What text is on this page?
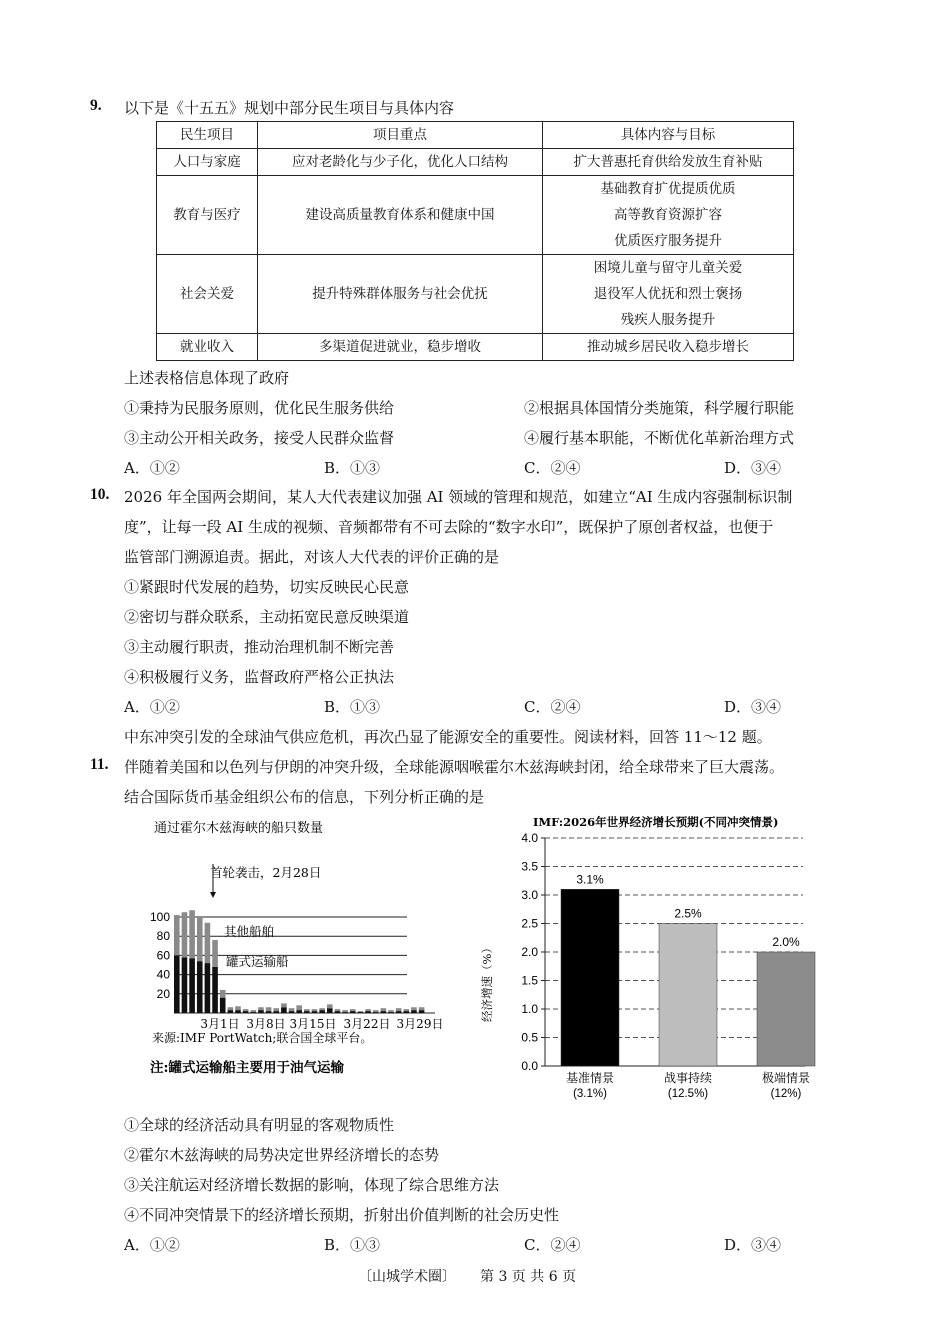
9. 以下是《十五五》规划中部分民生项目与具体内容
民生项目	项目重点	具体内容与目标
人口与家庭	应对老龄化与少子化，优化人口结构	扩大普惠托育供给发放生育补贴
教育与医疗	建设高质量教育体系和健康中国	基础教育扩优提质优质
高等教育资源扩容
优质医疗服务提升

社会关爱	提升特殊群体服务与社会优抚	困境儿童与留守儿童关爱
退役军人优抚和烈士褒扬
残疾人服务提升

就业收入	多渠道促进就业，稳步增收	推动城乡居民收入稳步增长
上述表格信息体现了政府
①秉持为民服务原则，优化民生服务供给	②根据具体国情分类施策，科学履行职能
③主动公开相关政务，接受人民群众监督	④履行基本职能，不断优化革新治理方式
A．①②	B．①③	C．②④	D．③④
10. 2026 年全国两会期间，某人大代表建议加强 AI 领域的管理和规范，如建立“AI 生成内容强制标识制
度”，让每一段 AI 生成的视频、音频都带有不可去除的“数字水印”，既保护了原创者权益，也便于
监管部门溯源追责。据此，对该人大代表的评价正确的是
①紧跟时代发展的趋势，切实反映民心民意
②密切与群众联系，主动拓宽民意反映渠道
③主动履行职责，推动治理机制不断完善
④积极履行义务，监督政府严格公正执法
A．①②	B．①③	C．②④	D．③④
中东冲突引发的全球油气供应危机，再次凸显了能源安全的重要性。阅读材料，回答 11～12 题。
11. 伴随着美国和以色列与伊朗的冲突升级，全球能源咽喉霍尔木兹海峡封闭，给全球带来了巨大震荡。
结合国际货币基金组织公布的信息，下列分析正确的是
通过霍尔木兹海峡的船只数量
20
40
60
80
100
3月1日 3月8日 3月15日 3月22日 3月29日
首轮袭击，2月28日
其他船舶
罐式运输船
来源:IMF PortWatch;联合国全球平台。
注:罐式运输船主要用于油气运输
IMF:2026年世界经济增长预期(不同冲突情景)
0.0
0.5
1.0
1.5
2.0
2.5
3.0
3.5
4.0
3.1%
基准情景
(3.1%)
2.5%
战事持续
(12.5%)
2.0%
极端情景
(12%)
经济增速（%）
①全球的经济活动具有明显的客观物质性
②霍尔木兹海峡的局势决定世界经济增长的态势
③关注航运对经济增长数据的影响，体现了综合思维方法
④不同冲突情景下的经济增长预期，折射出价值判断的社会历史性
A．①②	B．①③	C．②④	D．③④
〔山城学术圈〕 第 3 页 共 6 页
